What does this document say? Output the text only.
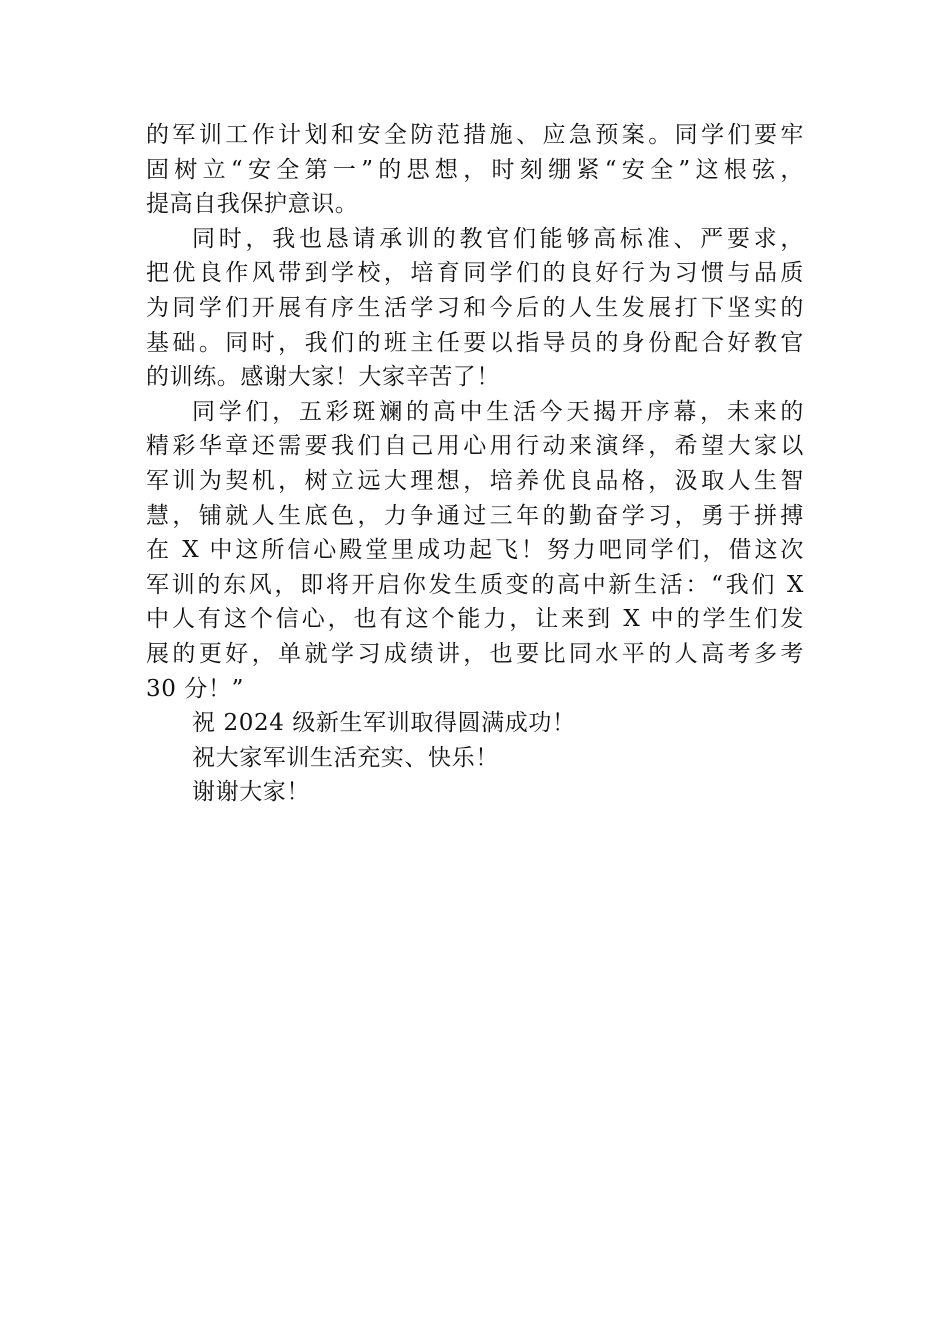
的军训工作计划和安全防范措施、应急预案。同学们要牢
固树立“安全第一”的思想，时刻绷紧“安全”这根弦，
提高自我保护意识。

同时，我也恳请承训的教官们能够高标准、严要求，
把优良作风带到学校，培育同学们的良好行为习惯与品质
为同学们开展有序生活学习和今后的人生发展打下坚实的
基础。同时，我们的班主任要以指导员的身份配合好教官
的训练。感谢大家！大家辛苦了！

同学们，五彩斑斓的高中生活今天揭开序幕，未来的
精彩华章还需要我们自己用心用行动来演绎，希望大家以
军训为契机，树立远大理想，培养优良品格，汲取人生智
慧，铺就人生底色，力争通过三年的勤奋学习，勇于拼搏
在 X 中这所信心殿堂里成功起飞！努力吧同学们，借这次
军训的东风，即将开启你发生质变的高中新生活：“我们 X
中人有这个信心，也有这个能力，让来到 X 中的学生们发
展的更好，单就学习成绩讲，也要比同水平的人高考多考
30 分！”

祝 2024 级新生军训取得圆满成功！

祝大家军训生活充实、快乐！

谢谢大家！
